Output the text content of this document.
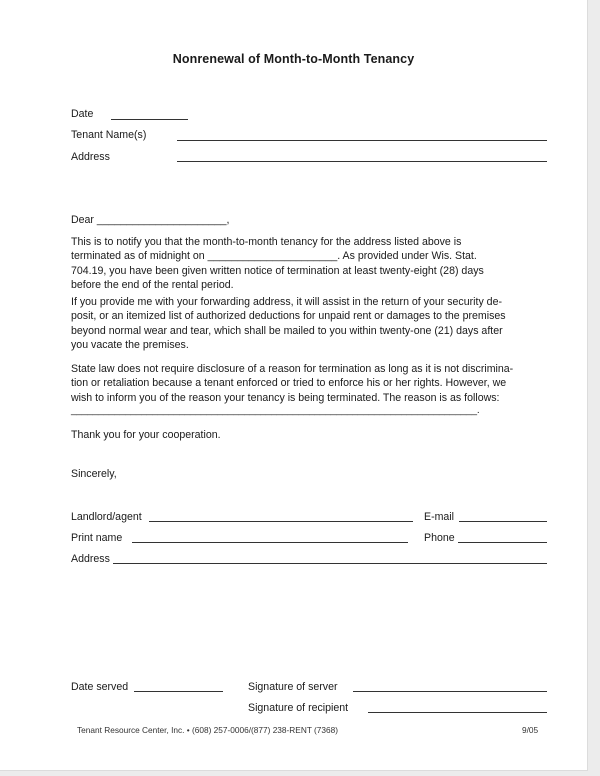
Nonrenewal of Month-to-Month Tenancy
Date
Tenant Name(s)
Address
Dear ______________________,
This is to notify you that the month-to-month tenancy for the address listed above is
terminated as of midnight on ______________________. As provided under Wis. Stat.
704.19, you have been given written notice of termination at least twenty-eight (28) days
before the end of the rental period.
If you provide me with your forwarding address, it will assist in the return of your security de-
posit, or an itemized list of authorized deductions for unpaid rent or damages to the premises
beyond normal wear and tear, which shall be mailed to you within twenty-one (21) days after
you vacate the premises.
State law does not require disclosure of a reason for termination as long as it is not discrimina-
tion or retaliation because a tenant enforced or tried to enforce his or her rights. However, we
wish to inform you of the reason your tenancy is being terminated. The reason is as follows:
___________________________________________________________________________.
Thank you for your cooperation.
Sincerely,
Landlord/agent	E-mail
Print name	Phone
Address
Date served	Signature of server
Signature of recipient
Tenant Resource Center, Inc. • (608) 257-0006/(877) 238-RENT (7368)	9/05
